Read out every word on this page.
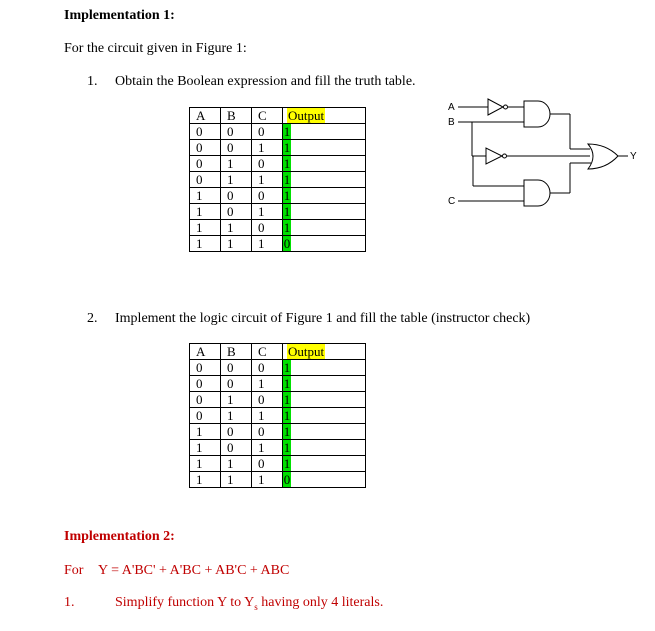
Implementation 1:
For the circuit given in Figure 1:
1. Obtain the Boolean expression and fill the truth table.
A	B	C	Output
0	0	0	1
0	0	1	1
0	1	0	1
0	1	1	1
1	0	0	1
1	0	1	1
1	1	0	1
1	1	1	0
A
B
C
Y
2. Implement the logic circuit of Figure 1 and fill the table (instructor check)
A	B	C	Output
0	0	0	1
0	0	1	1
0	1	0	1
0	1	1	1
1	0	0	1
1	0	1	1
1	1	0	1
1	1	1	0
Implementation 2:
For Y = A'BC' + A'BC + AB'C + ABC
1.	Simplify function Y to $Y_s$ having only 4 literals.
